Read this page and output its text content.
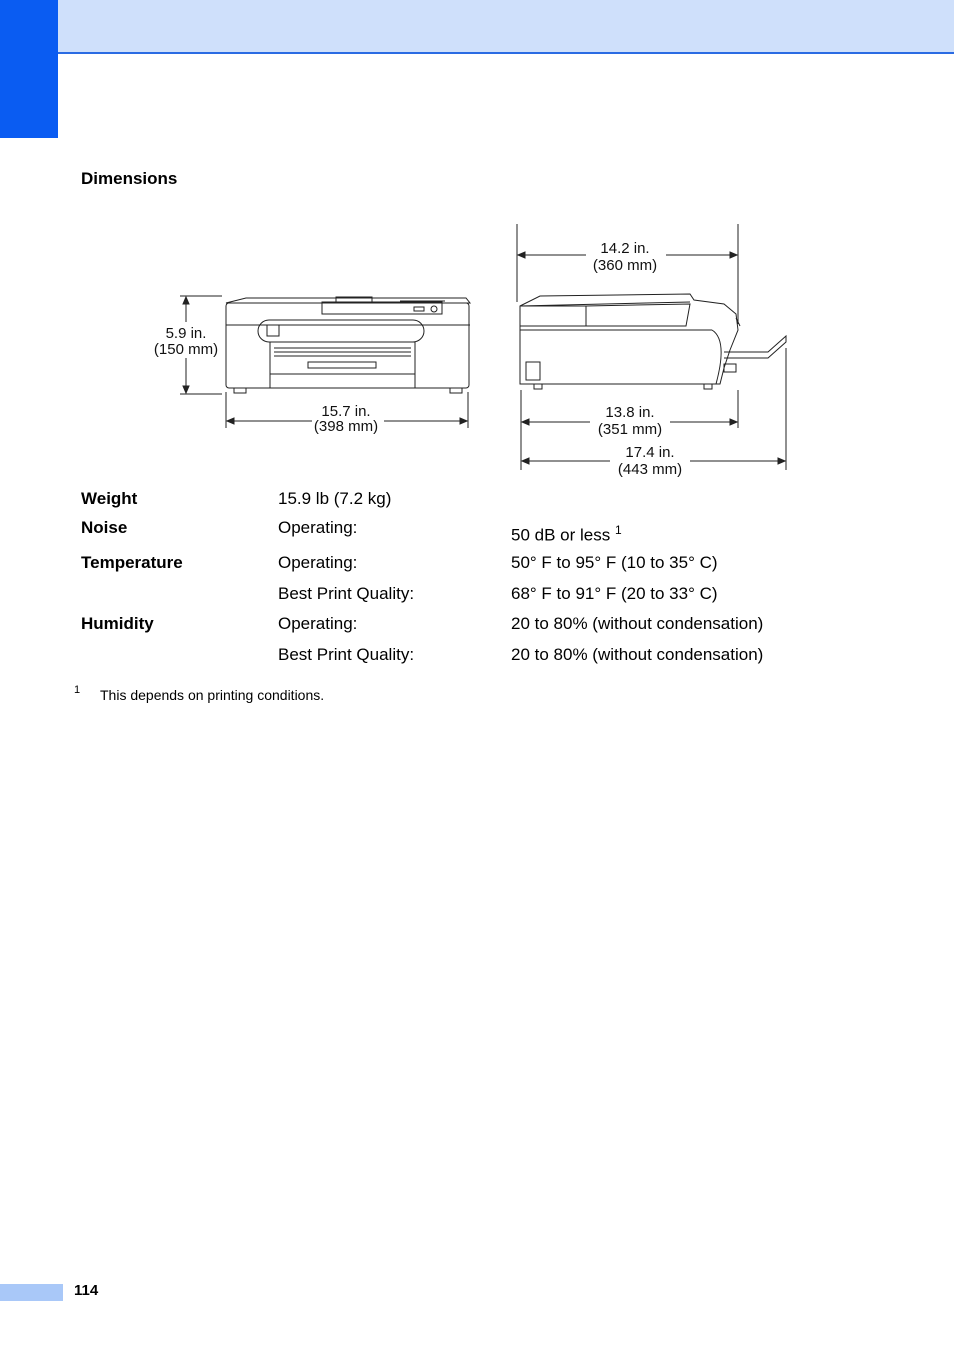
Dimensions
5.9 in.
(150 mm)
15.7 in.
(398 mm)
14.2 in.
(360 mm)
13.8 in.
(351 mm)
17.4 in.
(443 mm)
Weight	15.9 lb (7.2 kg)
Noise	Operating:	50 dB or less $^1$
Temperature	Operating:	50° F to 95° F (10 to 35° C)
Best Print Quality:	68° F to 91° F (20 to 33° C)
Humidity	Operating:	20 to 80% (without condensation)
Best Print Quality:	20 to 80% (without condensation)
1 This depends on printing conditions.
114
